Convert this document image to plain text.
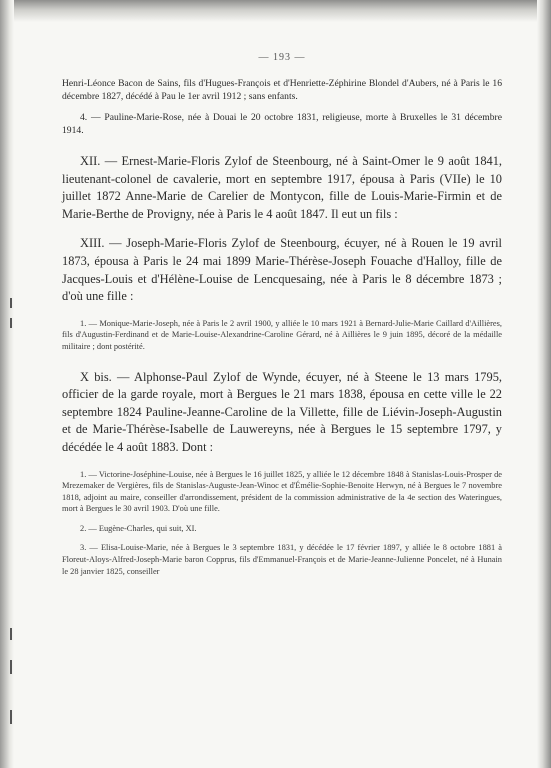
— 193 —

Henri-Léonce Bacon de Sains, fils d'Hugues-François et d'Henriette-Zéphirine Blondel d'Aubers, né à Paris le 16 décembre 1827, décédé à Pau le 1er avril 1912 ; sans enfants.

4. — Pauline-Marie-Rose, née à Douai le 20 octobre 1831, religieuse, morte à Bruxelles le 31 décembre 1914.

XII. — Ernest-Marie-Floris Zylof de Steenbourg, né à Saint-Omer le 9 août 1841, lieutenant-colonel de cavalerie, mort en septembre 1917, épousa à Paris (VIIe) le 10 juillet 1872 Anne-Marie de Carelier de Montycon, fille de Louis-Marie-Firmin et de Marie-Berthe de Provigny, née à Paris le 4 août 1847. Il eut un fils :

XIII. — Joseph-Marie-Floris Zylof de Steenbourg, écuyer, né à Rouen le 19 avril 1873, épousa à Paris le 24 mai 1899 Marie-Thérèse-Joseph Fouache d'Halloy, fille de Jacques-Louis et d'Hélène-Louise de Lencquesaing, née à Paris le 8 décembre 1873 ; d'où une fille :

1. — Monique-Marie-Joseph, née à Paris le 2 avril 1900, y alliée le 10 mars 1921 à Bernard-Julie-Marie Caillard d'Aillières, fils d'Augustin-Ferdinand et de Marie-Louise-Alexandrine-Caroline Gérard, né à Aillières le 9 juin 1895, décoré de la médaille militaire ; dont postérité.

X bis. — Alphonse-Paul Zylof de Wynde, écuyer, né à Steene le 13 mars 1795, officier de la garde royale, mort à Bergues le 21 mars 1838, épousa en cette ville le 22 septembre 1824 Pauline-Jeanne-Caroline de la Villette, fille de Liévin-Joseph-Augustin et de Marie-Thérèse-Isabelle de Lauwereyns, née à Bergues le 15 septembre 1797, y décédée le 4 août 1883. Dont :

1. — Victorine-Joséphine-Louise, née à Bergues le 16 juillet 1825, y alliée le 12 décembre 1848 à Stanislas-Louis-Prosper de Mrezemaker de Vergières, fils de Stanislas-Auguste-Jean-Winoc et d'Émélie-Sophie-Benoite Herwyn, né à Bergues le 7 novembre 1818, adjoint au maire, conseiller d'arrondissement, président de la commission administrative de la 4e section des Wateringues, mort à Bergues le 30 avril 1903. D'où une fille.

2. — Eugène-Charles, qui suit, XI.

3. — Elisa-Louise-Marie, née à Bergues le 3 septembre 1831, y décédée le 17 février 1897, y alliée le 8 octobre 1881 à Floreut-Aloys-Alfred-Joseph-Marie baron Copprus, fils d'Emmanuel-François et de Marie-Jeanne-Julienne Poncelet, né à Hunain le 28 janvier 1825, conseiller
